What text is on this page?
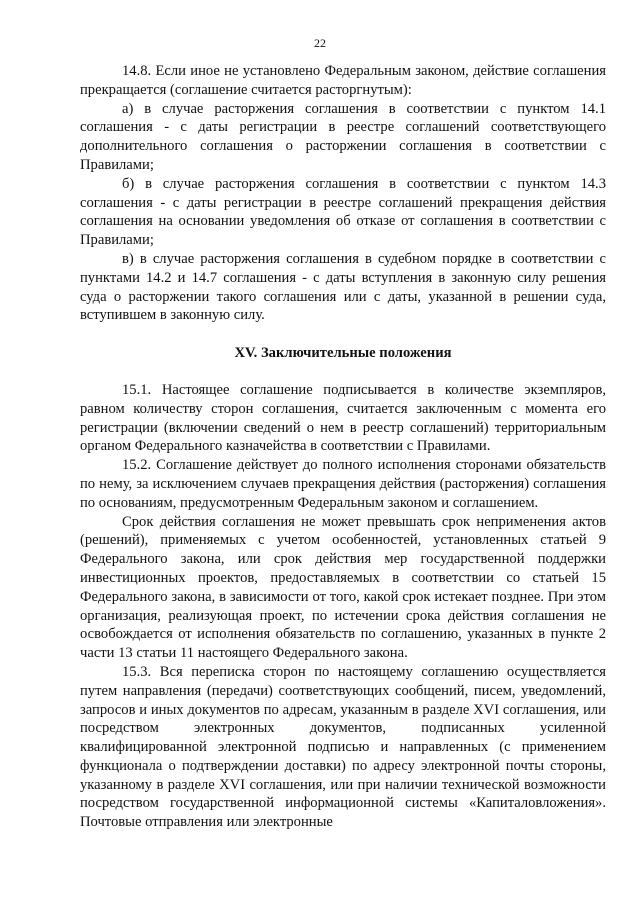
22

14.8. Если иное не установлено Федеральным законом, действие соглашения прекращается (соглашение считается расторгнутым):

а) в случае расторжения соглашения в соответствии с пунктом 14.1 соглашения - с даты регистрации в реестре соглашений соответствующего дополнительного соглашения о расторжении соглашения в соответствии с Правилами;

б) в случае расторжения соглашения в соответствии с пунктом 14.3 соглашения - с даты регистрации в реестре соглашений прекращения действия соглашения на основании уведомления об отказе от соглашения в соответствии с Правилами;

в) в случае расторжения соглашения в судебном порядке в соответствии с пунктами 14.2 и 14.7 соглашения - с даты вступления в законную силу решения суда о расторжении такого соглашения или с даты, указанной в решении суда, вступившем в законную силу.

XV. Заключительные положения

15.1. Настоящее соглашение подписывается в количестве экземпляров, равном количеству сторон соглашения, считается заключенным с момента его регистрации (включении сведений о нем в реестр соглашений) территориальным органом Федерального казначейства в соответствии с Правилами.

15.2. Соглашение действует до полного исполнения сторонами обязательств по нему, за исключением случаев прекращения действия (расторжения) соглашения по основаниям, предусмотренным Федеральным законом и соглашением.

Срок действия соглашения не может превышать срок неприменения актов (решений), применяемых с учетом особенностей, установленных статьей 9 Федерального закона, или срок действия мер государственной поддержки инвестиционных проектов, предоставляемых в соответствии со статьей 15 Федерального закона, в зависимости от того, какой срок истекает позднее. При этом организация, реализующая проект, по истечении срока действия соглашения не освобождается от исполнения обязательств по соглашению, указанных в пункте 2 части 13 статьи 11 настоящего Федерального закона.

15.3. Вся переписка сторон по настоящему соглашению осуществляется путем направления (передачи) соответствующих сообщений, писем, уведомлений, запросов и иных документов по адресам, указанным в разделе XVI соглашения, или посредством электронных документов, подписанных усиленной квалифицированной электронной подписью и направленных (с применением функционала о подтверждении доставки) по адресу электронной почты стороны, указанному в разделе XVI соглашения, или при наличии технической возможности посредством государственной информационной системы «Капиталовложения». Почтовые отправления или электронные
